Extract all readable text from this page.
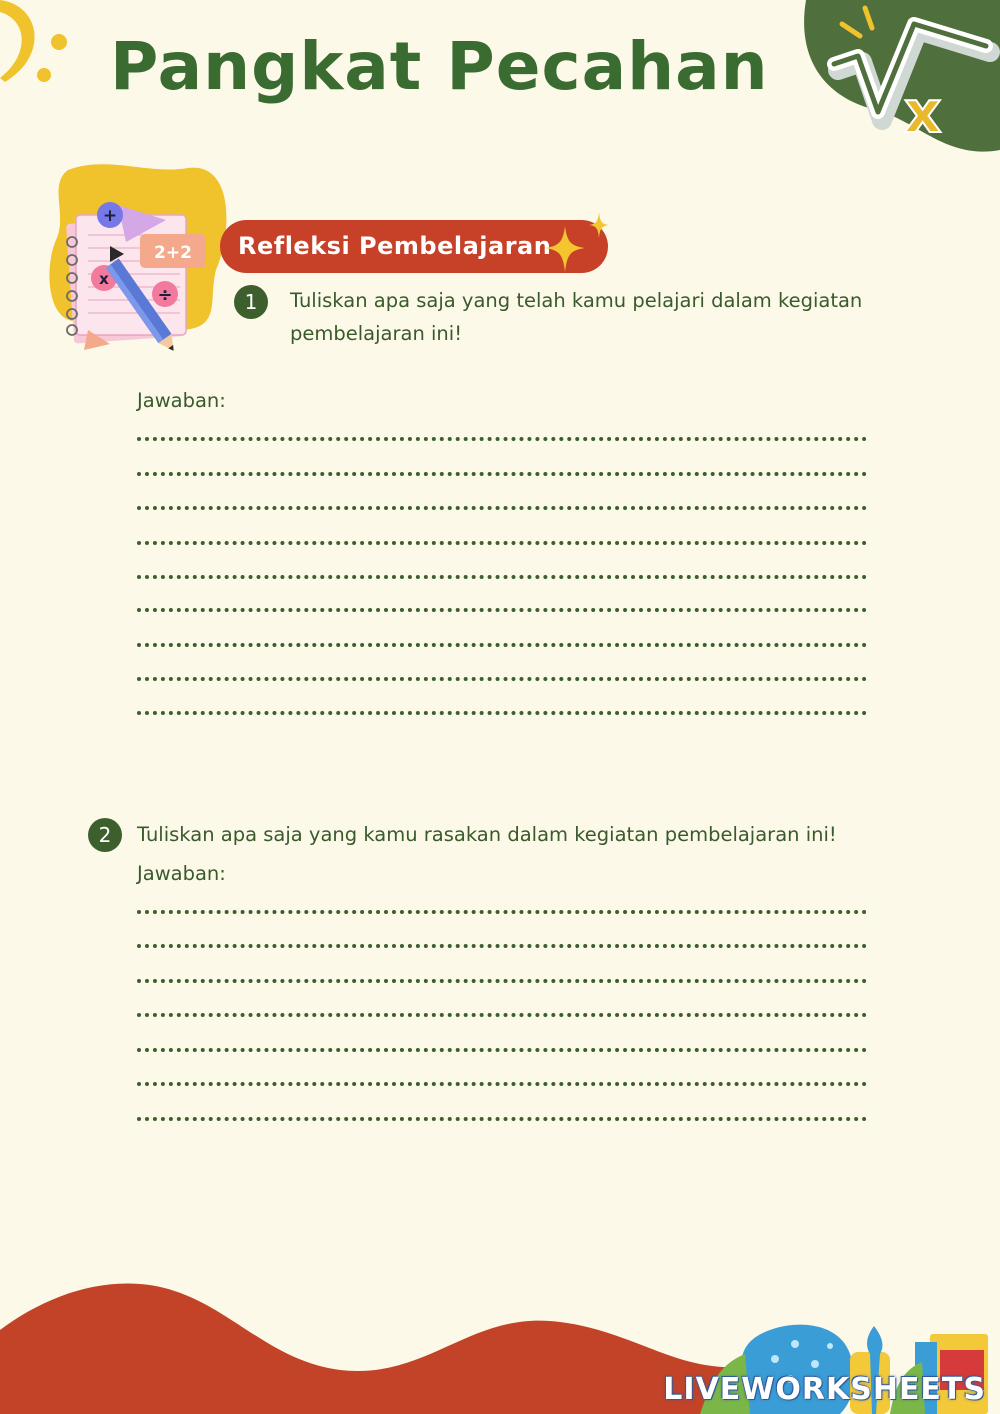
x
Pangkat Pecahan
+
2+2
x
÷
Refleksi Pembelajaran
1	Tuliskan apa saja yang telah kamu pelajari dalam kegiatan pembelajaran ini!
Jawaban:
2	Tuliskan apa saja yang kamu rasakan dalam kegiatan pembelajaran ini!
Jawaban:
LIVEWORKSHEETS
